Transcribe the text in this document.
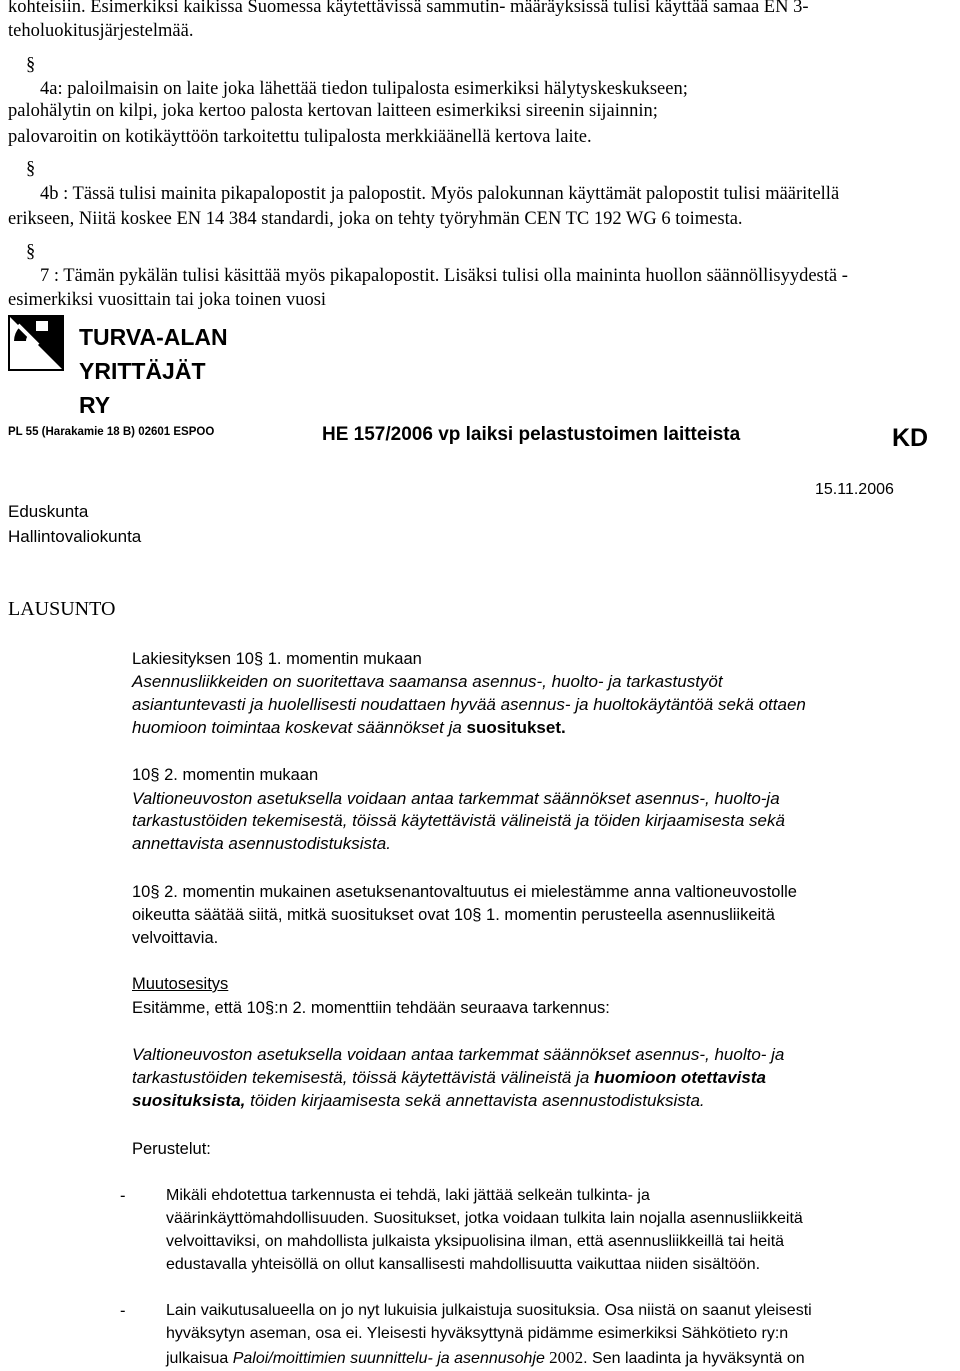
kohteisiin. Esimerkiksi kaikissa Suomessa käytettävissä sammutin- määräyksissä tulisi käyttää samaa EN 3-
teholuokitusjärjestelmää.
§
4a: paloilmaisin on laite joka lähettää tiedon tulipalosta esimerkiksi hälytyskeskukseen;
palohälytin on kilpi, joka kertoo palosta kertovan laitteen esimerkiksi sireenin sijainnin;
palovaroitin on kotikäyttöön tarkoitettu tulipalosta merkkiäänellä kertova laite.
§
4b : Tässä tulisi mainita pikapalopostit ja palopostit. Myös palokunnan käyttämät palopostit tulisi määritellä
erikseen, Niitä koskee EN 14 384 standardi, joka on tehty työryhmän CEN TC 192 WG 6 toimesta.
§
7 : Tämän pykälän tulisi käsittää myös pikapalopostit. Lisäksi tulisi olla maininta huollon säännöllisyydestä -
esimerkiksi vuosittain tai joka toinen vuosi
TURVA-ALAN
YRITTÄJÄT
RY
PL 55 (Harakamie 18 B) 02601 ESPOO	HE 157/2006 vp laiksi pelastustoimen laitteista	KD
15.11.2006
Eduskunta
Hallintovaliokunta
LAUSUNTO
Lakiesityksen 10§ 1. momentin mukaan
Asennusliikkeiden on suoritettava saamansa asennus-, huolto- ja tarkastustyöt
asiantuntevasti ja huolellisesti noudattaen hyvää asennus- ja huoltokäytäntöä sekä ottaen
huomioon toimintaa koskevat säännökset ja suositukset.
10§ 2. momentin mukaan
Valtioneuvoston asetuksella voidaan antaa tarkemmat säännökset asennus-, huolto-ja
tarkastustöiden tekemisestä, töissä käytettävistä välineistä ja töiden kirjaamisesta sekä
annettavista asennustodistuksista.
10§ 2. momentin mukainen asetuksenantovaltuutus ei mielestämme anna valtioneuvostolle
oikeutta säätää siitä, mitkä suositukset ovat 10§ 1. momentin perusteella asennusliikeitä
velvoittavia.
Muutosesitys
Esitämme, että 10§:n 2. momenttiin tehdään seuraava tarkennus:
Valtioneuvoston asetuksella voidaan antaa tarkemmat säännökset asennus-, huolto- ja
tarkastustöiden tekemisestä, töissä käytettävistä välineistä ja huomioon otettavista
suosituksista, töiden kirjaamisesta sekä annettavista asennustodistuksista.
Perustelut:
-	Mikäli ehdotettua tarkennusta ei tehdä, laki jättää selkeän tulkinta- ja
väärinkäyttömahdollisuuden. Suositukset, jotka voidaan tulkita lain nojalla asennusliikkeitä
velvoittaviksi, on mahdollista julkaista yksipuolisina ilman, että asennusliikkeillä tai heitä
edustavalla yhteisöllä on ollut kansallisesti mahdollisuutta vaikuttaa niiden sisältöön.
-	Lain vaikutusalueella on jo nyt lukuisia julkaistuja suosituksia. Osa niistä on saanut yleisesti
hyväksytyn aseman, osa ei. Yleisesti hyväksyttynä pidämme esimerkiksi Sähkötieto ry:n
julkaisua Paloi/moittimien suunnittelu- ja asennusohje 2002. Sen laadinta ja hyväksyntä on
